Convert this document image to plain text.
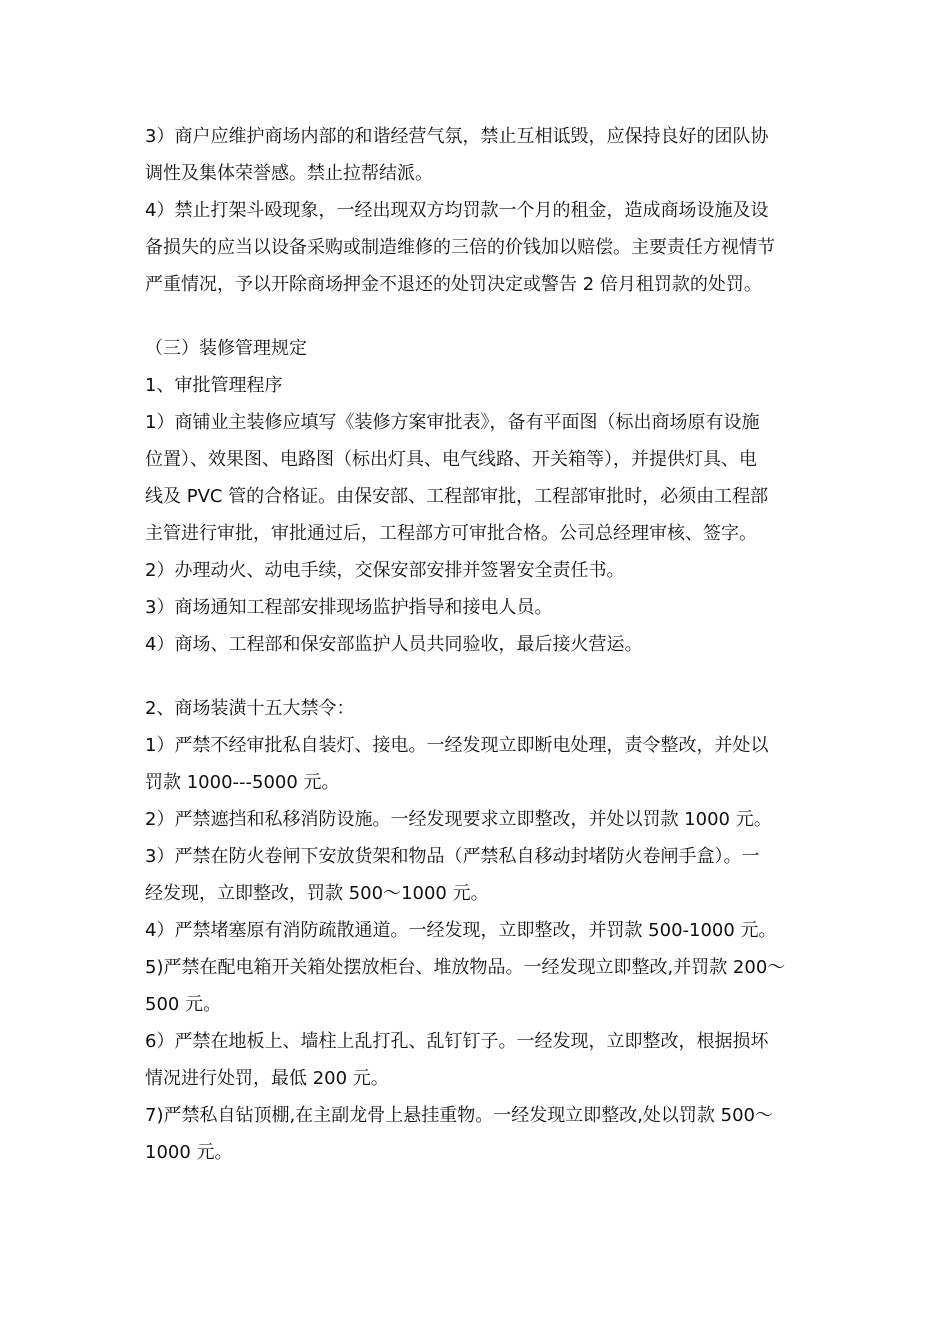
3）商户应维护商场内部的和谐经营气氛，禁止互相诋毁，应保持良好的团队协
调性及集体荣誉感。禁止拉帮结派。
4）禁止打架斗殴现象，一经出现双方均罚款一个月的租金，造成商场设施及设
备损失的应当以设备采购或制造维修的三倍的价钱加以赔偿。主要责任方视情节
严重情况，予以开除商场押金不退还的处罚决定或警告 2 倍月租罚款的处罚。
（三）装修管理规定
1、审批管理程序
1）商铺业主装修应填写《装修方案审批表》，备有平面图（标出商场原有设施
位置）、效果图、电路图（标出灯具、电气线路、开关箱等），并提供灯具、电
线及 PVC 管的合格证。由保安部、工程部审批，工程部审批时，必须由工程部
主管进行审批，审批通过后，工程部方可审批合格。公司总经理审核、签字。
2）办理动火、动电手续，交保安部安排并签署安全责任书。
3）商场通知工程部安排现场监护指导和接电人员。
4）商场、工程部和保安部监护人员共同验收，最后接火营运。
2、商场装潢十五大禁令：
1）严禁不经审批私自装灯、接电。一经发现立即断电处理，责令整改，并处以
罚款 1000---5000 元。
2）严禁遮挡和私移消防设施。一经发现要求立即整改，并处以罚款 1000 元。
3）严禁在防火卷闸下安放货架和物品（严禁私自移动封堵防火卷闸手盒）。一
经发现，立即整改，罚款 500～1000 元。
4）严禁堵塞原有消防疏散通道。一经发现，立即整改，并罚款 500-1000 元。
5)严禁在配电箱开关箱处摆放柜台、堆放物品。一经发现立即整改,并罚款 200～
500 元。
6）严禁在地板上、墙柱上乱打孔、乱钉钉子。一经发现，立即整改，根据损坏
情况进行处罚，最低 200 元。
7)严禁私自钻顶棚,在主副龙骨上悬挂重物。一经发现立即整改,处以罚款 500～
1000 元。
